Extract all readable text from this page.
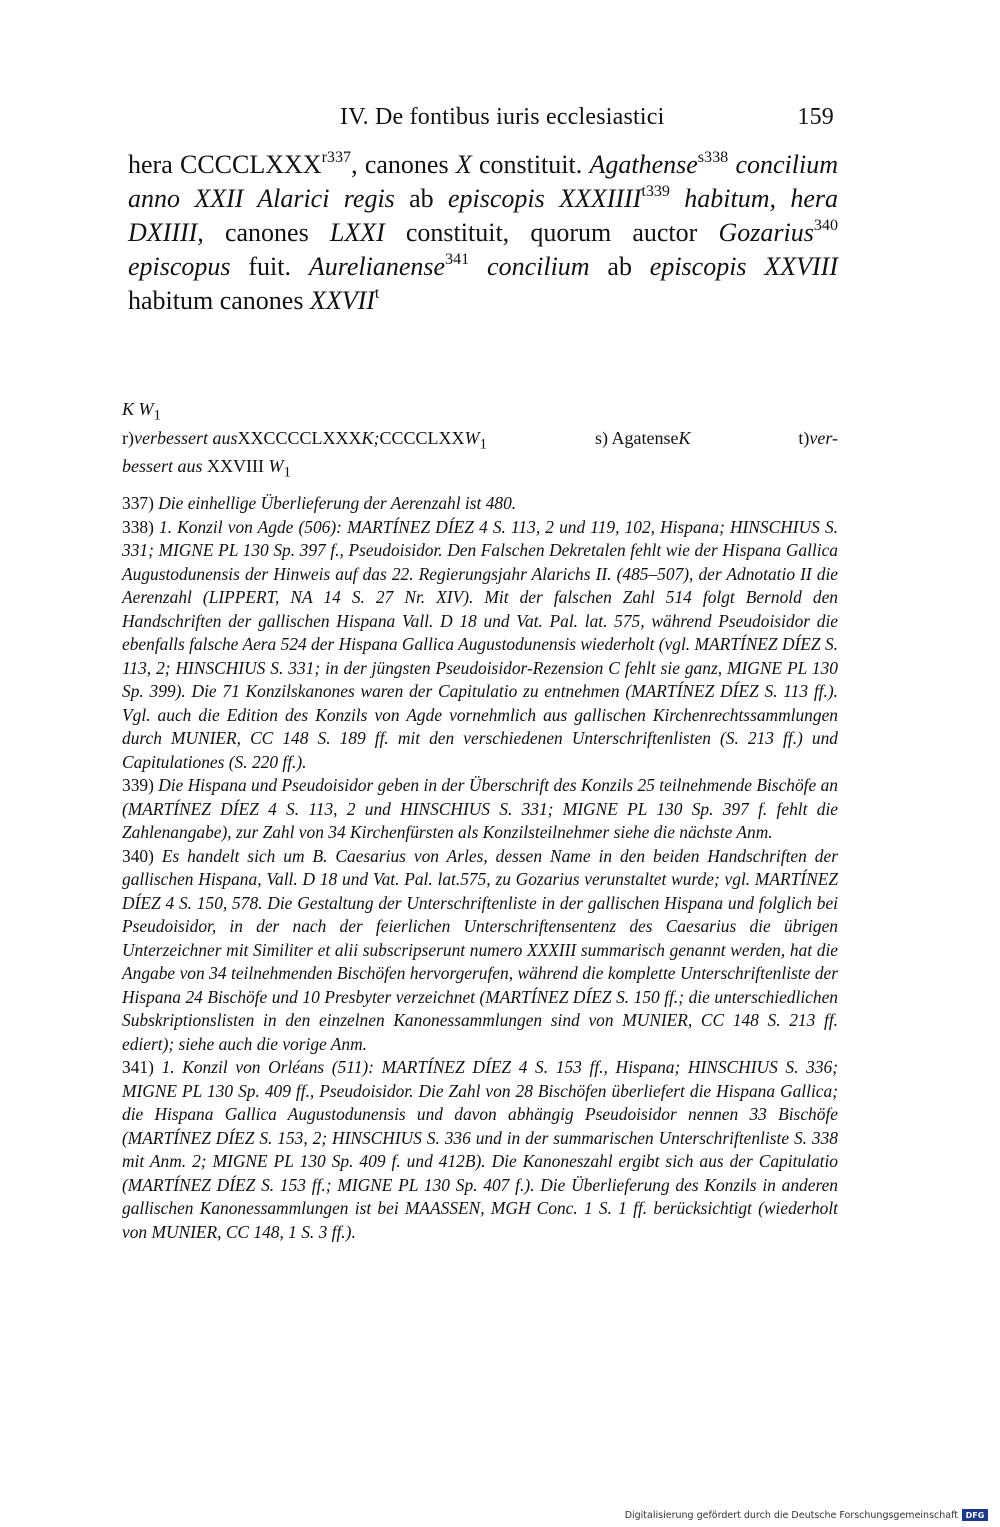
IV. De fontibus iuris ecclesiastici	159
hera $CCCCLXXX^{r337}$, canones X constituit. Agathense$^{s338}$ concilium anno XXII Alarici regis ab episcopis $XXXIIII^{t339}$ habitum, hera DXIIII, canones LXXI constituit, quorum auctor Gozarius$^{340}$ episcopus fuit. Aurelianense$^{341}$ concilium ab episcopis XXVIII habitum canones XXVII$^t$
K $W_1$
r)verbessert $ausXXCCCCLXXXK;CCCCLXXW_1$	s) AgatenseK	t)ver-
bessert aus XXVIII $W_1$

337) Die einhellige Überlieferung der Aerenzahl ist 480.

338) 1. Konzil von Agde (506): MARTÍNEZ DÍEZ 4 S. 113, 2 und 119, 102, Hispana; HINSCHIUS S. 331; MIGNE PL 130 Sp. 397 f., Pseudoisidor. Den Falschen Dekretalen fehlt wie der Hispana Gallica Augustodunensis der Hinweis auf das 22. Regierungsjahr Alarichs II. (485–507), der Adnotatio II die Aerenzahl (LIPPERT, NA 14 S. 27 Nr. XIV). Mit der falschen Zahl 514 folgt Bernold den Handschriften der gallischen Hispana Vall. D 18 und Vat. Pal. lat. 575, während Pseudoisidor die ebenfalls falsche Aera 524 der Hispana Gallica Augustodunensis wiederholt (vgl. MARTÍNEZ DÍEZ S. 113, 2; HINSCHIUS S. 331; in der jüngsten Pseudoisidor-Rezension C fehlt sie ganz, MIGNE PL 130 Sp. 399). Die 71 Konzilskanones waren der Capitulatio zu entnehmen (MARTÍNEZ DÍEZ S. 113 ff.). Vgl. auch die Edition des Konzils von Agde vornehmlich aus gallischen Kirchenrechtssammlungen durch MUNIER, CC 148 S. 189 ff. mit den verschiedenen Unterschriftenlisten (S. 213 ff.) und Capitulationes (S. 220 ff.).

339) Die Hispana und Pseudoisidor geben in der Überschrift des Konzils 25 teilnehmende Bischöfe an (MARTÍNEZ DÍEZ 4 S. 113, 2 und HINSCHIUS S. 331; MIGNE PL 130 Sp. 397 f. fehlt die Zahlenangabe), zur Zahl von 34 Kirchenfürsten als Konzilsteilnehmer siehe die nächste Anm.

340) Es handelt sich um B. Caesarius von Arles, dessen Name in den beiden Handschriften der gallischen Hispana, Vall. D 18 und Vat. Pal. lat.575, zu Gozarius verunstaltet wurde; vgl. MARTÍNEZ DÍEZ 4 S. 150, 578. Die Gestaltung der Unterschriftenliste in der gallischen Hispana und folglich bei Pseudoisidor, in der nach der feierlichen Unterschriftensentenz des Caesarius die übrigen Unterzeichner mit Similiter et alii subscripserunt numero XXXIII summarisch genannt werden, hat die Angabe von 34 teilnehmenden Bischöfen hervorgerufen, während die komplette Unterschriftenliste der Hispana 24 Bischöfe und 10 Presbyter verzeichnet (MARTÍNEZ DÍEZ S. 150 ff.; die unterschiedlichen Subskriptionslisten in den einzelnen Kanonessammlungen sind von MUNIER, CC 148 S. 213 ff. ediert); siehe auch die vorige Anm.

341) 1. Konzil von Orléans (511): MARTÍNEZ DÍEZ 4 S. 153 ff., Hispana; HINSCHIUS S. 336; MIGNE PL 130 Sp. 409 ff., Pseudoisidor. Die Zahl von 28 Bischöfen überliefert die Hispana Gallica; die Hispana Gallica Augustodunensis und davon abhängig Pseudoisidor nennen 33 Bischöfe (MARTÍNEZ DÍEZ S. 153, 2; HINSCHIUS S. 336 und in der summarischen Unterschriftenliste S. 338 mit Anm. 2; MIGNE PL 130 Sp. 409 f. und 412B). Die Kanoneszahl ergibt sich aus der Capitulatio (MARTÍNEZ DÍEZ S. 153 ff.; MIGNE PL 130 Sp. 407 f.). Die Überlieferung des Konzils in anderen gallischen Kanonessammlungen ist bei MAASSEN, MGH Conc. 1 S. 1 ff. berücksichtigt (wiederholt von MUNIER, CC 148, 1 S. 3 ff.).

Digitalisierung gefördert durch die Deutsche Forschungsgemeinschaft DFG
